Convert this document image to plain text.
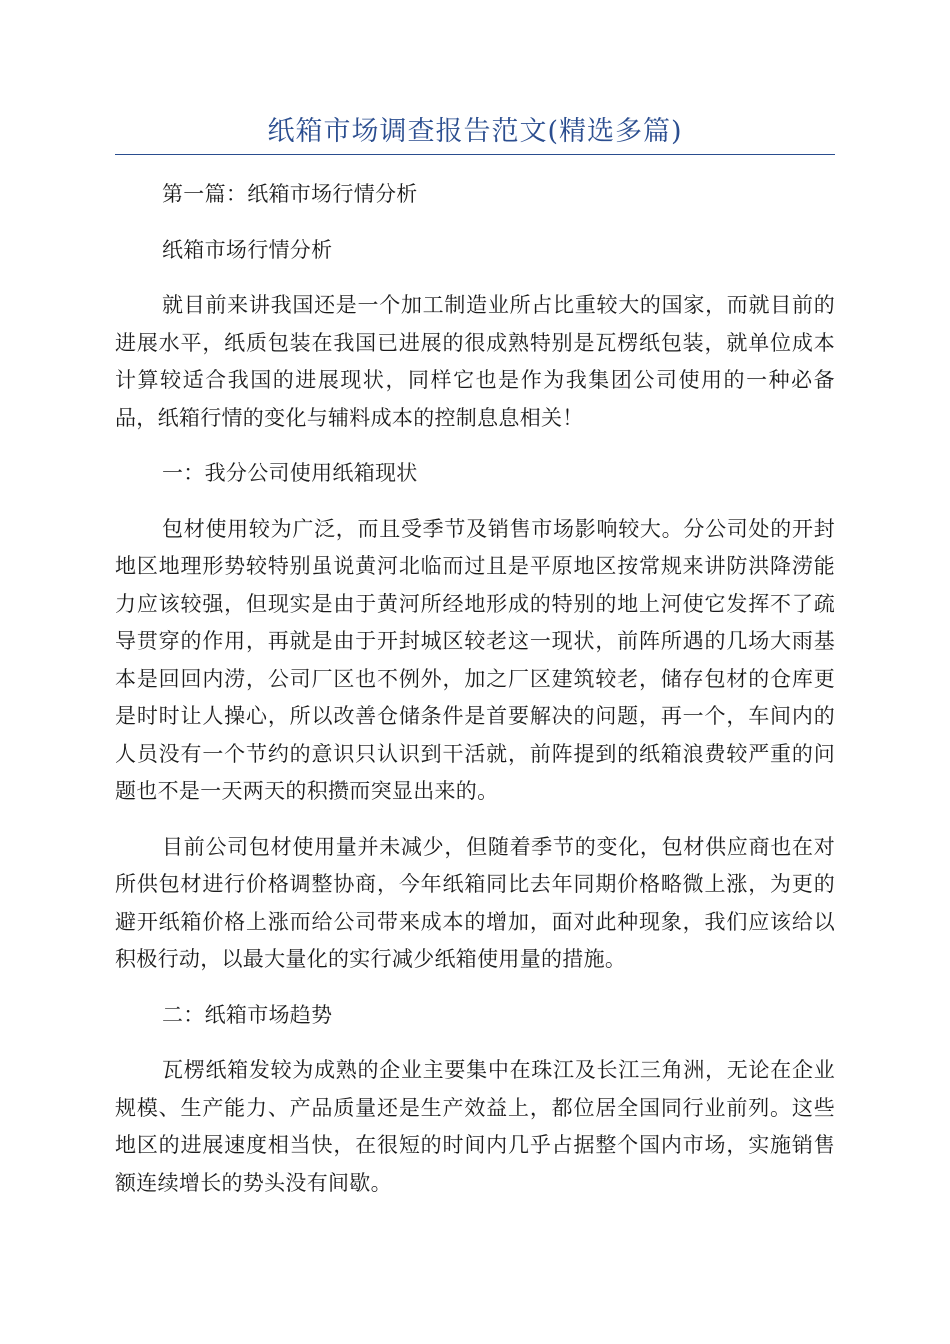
纸箱市场调查报告范文(精选多篇)

第一篇：纸箱市场行情分析

纸箱市场行情分析

就目前来讲我国还是一个加工制造业所占比重较大的国家，而就目前的进展水平，纸质包装在我国已进展的很成熟特别是瓦楞纸包装，就单位成本计算较适合我国的进展现状，同样它也是作为我集团公司使用的一种必备品，纸箱行情的变化与辅料成本的控制息息相关！

一：我分公司使用纸箱现状

包材使用较为广泛，而且受季节及销售市场影响较大。分公司处的开封地区地理形势较特别虽说黄河北临而过且是平原地区按常规来讲防洪降涝能力应该较强，但现实是由于黄河所经地形成的特别的地上河使它发挥不了疏导贯穿的作用，再就是由于开封城区较老这一现状，前阵所遇的几场大雨基本是回回内涝，公司厂区也不例外，加之厂区建筑较老，储存包材的仓库更是时时让人操心，所以改善仓储条件是首要解决的问题，再一个，车间内的人员没有一个节约的意识只认识到干活就，前阵提到的纸箱浪费较严重的问题也不是一天两天的积攒而突显出来的。

目前公司包材使用量并未减少，但随着季节的变化，包材供应商也在对所供包材进行价格调整协商，今年纸箱同比去年同期价格略微上涨，为更的避开纸箱价格上涨而给公司带来成本的增加，面对此种现象，我们应该给以积极行动，以最大量化的实行减少纸箱使用量的措施。

二：纸箱市场趋势

瓦楞纸箱发较为成熟的企业主要集中在珠江及长江三角洲，无论在企业规模、生产能力、产品质量还是生产效益上，都位居全国同行业前列。这些地区的进展速度相当快，在很短的时间内几乎占据整个国内市场，实施销售额连续增长的势头没有间歇。
